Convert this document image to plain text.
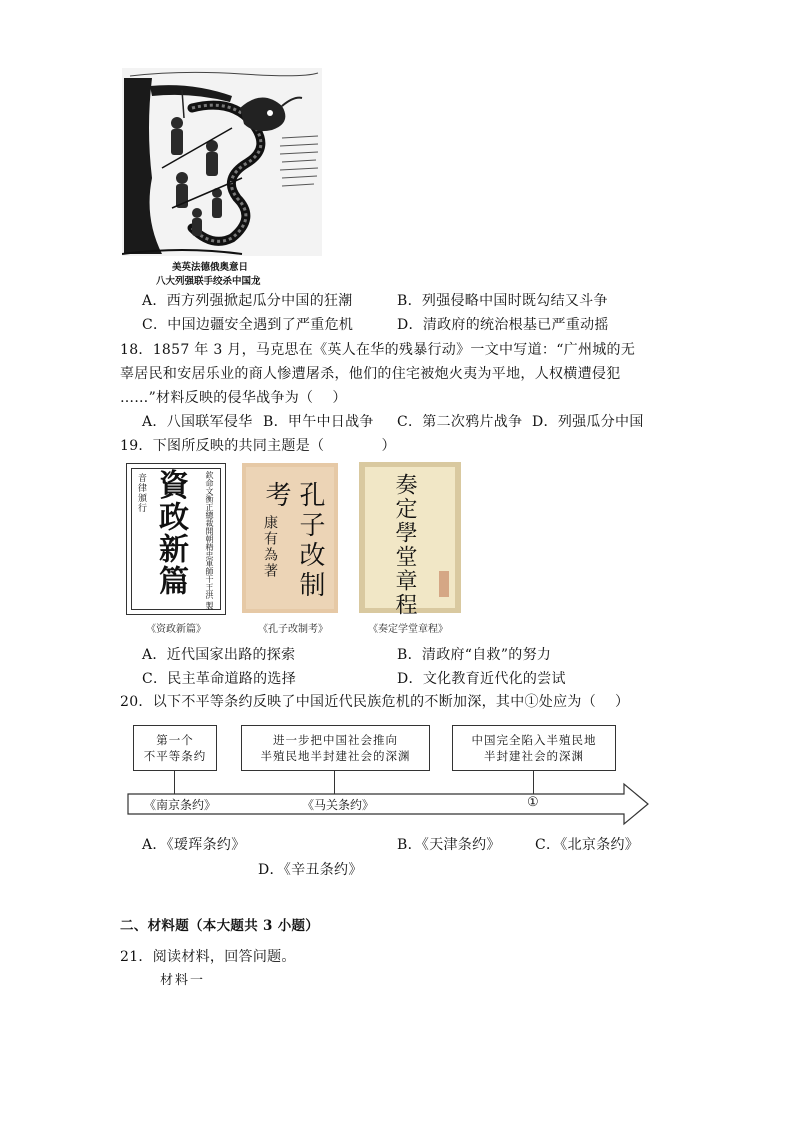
美英法德俄奥意日
八大列强联手绞杀中国龙
A．西方列强掀起瓜分中国的狂潮	B．列强侵略中国时既勾结又斗争
C．中国边疆安全遇到了严重危机	D．清政府的统治根基已严重动摇
18．1857 年 3 月，马克思在《英人在华的残暴行动》一文中写道：“广州城的无
辜居民和安居乐业的商人惨遭屠杀，他们的住宅被炮火夷为平地，人权横遭侵犯
……”材料反映的侵华战争为（　 ）
A．八国联军侵华 B．甲午中日战争 C．第二次鸦片战争 D．列强瓜分中国
19．下图所反映的共同主题是（　　　　）
音律頒行 資政新篇 欽命文衡正總裁開朝精忠軍師干王洪 製
《资政新篇》
孔子改制
考
康有為著
《孔子改制考》
奏定學堂章程
《奏定学堂章程》
A．近代国家出路的探索	B．清政府“自救”的努力
C．民主革命道路的选择	D．文化教育近代化的尝试
20．以下不平等条约反映了中国近代民族危机的不断加深，其中①处应为（　 ）
第一个
不平等条约
进一步把中国社会推向
半殖民地半封建社会的深渊
中国完全陷入半殖民地
半封建社会的深渊
《南京条约》	《马关条约》	①
A．《瑷珲条约》	B．《天津条约》 C．《北京条约》
D．《辛丑条约》
二、材料题（本大题共 3 小题）
21．阅读材料，回答问题。
材料一
